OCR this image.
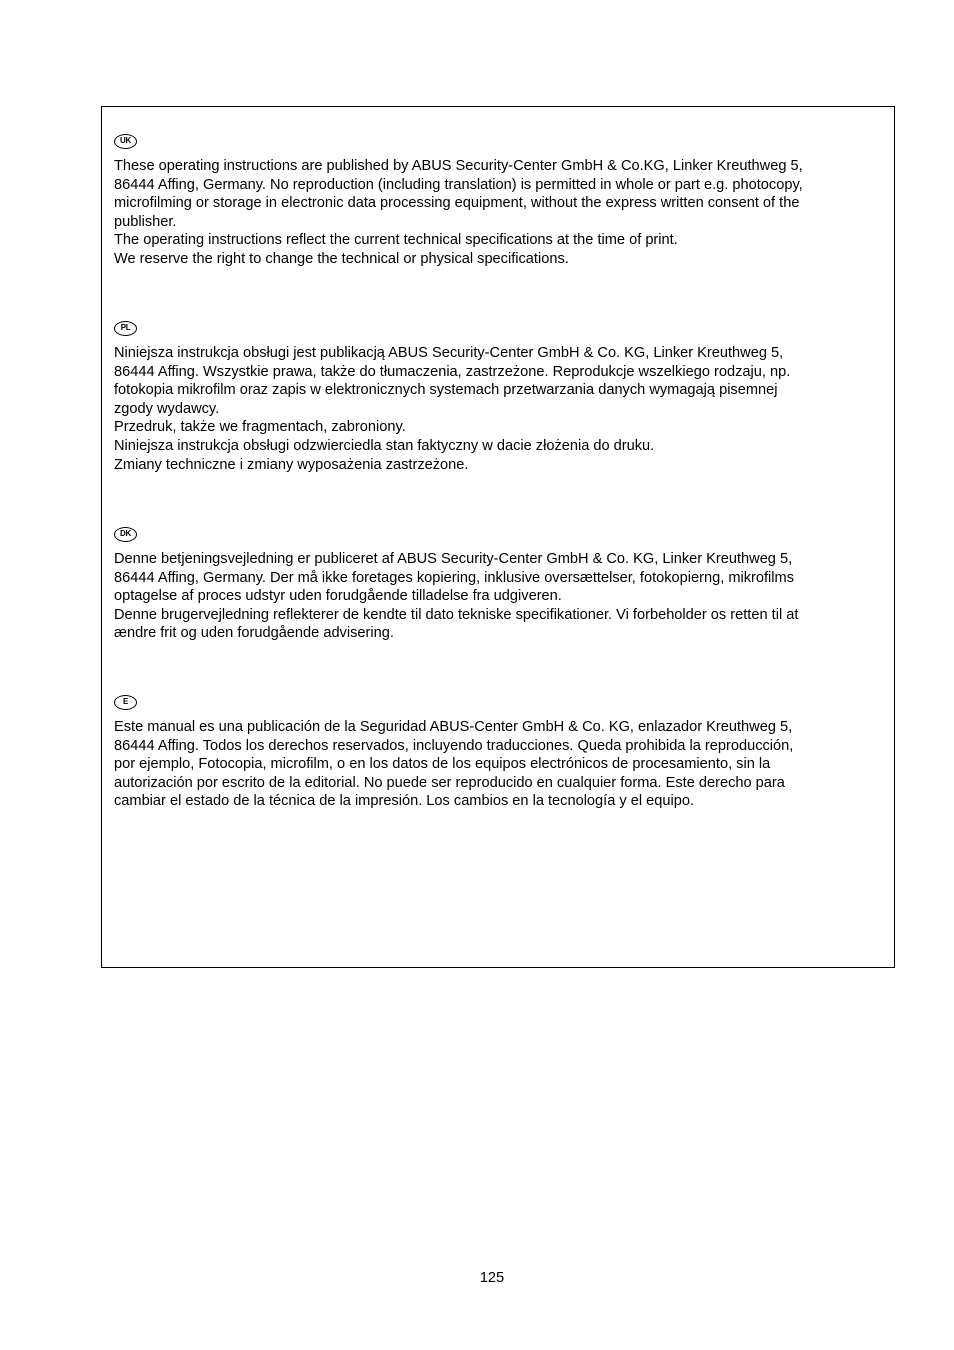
UK

These operating instructions are published by ABUS Security-Center GmbH & Co.KG, Linker Kreuthweg 5,
86444 Affing, Germany. No reproduction (including translation) is permitted in whole or part e.g. photocopy,
microfilming or storage in electronic data processing equipment, without the express written consent of the
publisher.
The operating instructions reflect the current technical specifications at the time of print.
We reserve the right to change the technical or physical specifications.

PL

Niniejsza instrukcja obsługi jest publikacją ABUS Security-Center GmbH & Co. KG, Linker Kreuthweg 5,
86444 Affing. Wszystkie prawa, także do tłumaczenia, zastrzeżone. Reprodukcje wszelkiego rodzaju, np.
fotokopia mikrofilm oraz zapis w elektronicznych systemach przetwarzania danych wymagają pisemnej
zgody wydawcy.
Przedruk, także we fragmentach, zabroniony.
Niniejsza instrukcja obsługi odzwierciedla stan faktyczny w dacie złożenia do druku.
Zmiany techniczne i zmiany wyposażenia zastrzeżone.

DK

Denne betjeningsvejledning er publiceret af ABUS Security-Center GmbH & Co. KG, Linker Kreuthweg 5,
86444 Affing, Germany. Der må ikke foretages kopiering, inklusive oversættelser, fotokopierng, mikrofilms
optagelse af proces udstyr uden forudgående tilladelse fra udgiveren.
Denne brugervejledning reflekterer de kendte til dato tekniske specifikationer. Vi forbeholder os retten til at
ændre frit og uden forudgående advisering.

E

Este manual es una publicación de la Seguridad ABUS-Center GmbH & Co. KG, enlazador Kreuthweg 5,
86444 Affing. Todos los derechos reservados, incluyendo traducciones. Queda prohibida la reproducción,
por ejemplo, Fotocopia, microfilm, o en los datos de los equipos electrónicos de procesamiento, sin la
autorización por escrito de la editorial. No puede ser reproducido en cualquier forma. Este derecho para
cambiar el estado de la técnica de la impresión. Los cambios en la tecnología y el equipo.

125
